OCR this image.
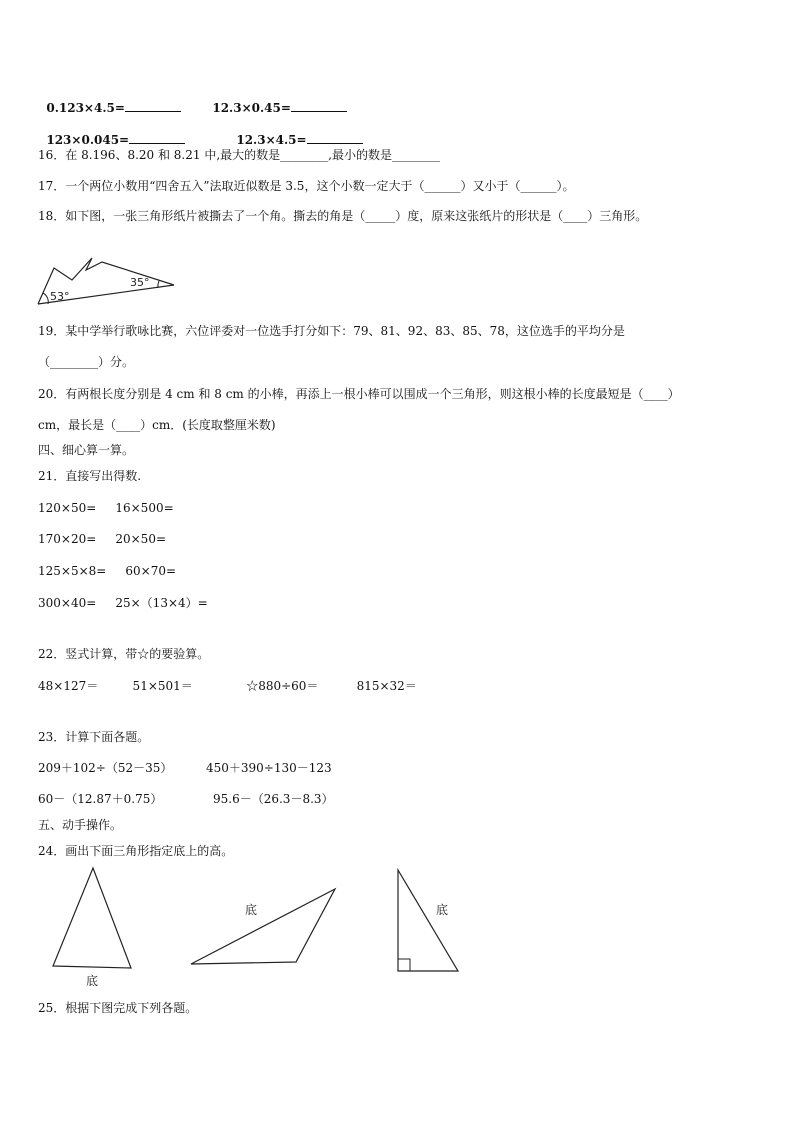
0.123×4.5=	12.3×0.45=

123×0.045=	12.3×4.5=

16．在 8.196、8.20 和 8.21 中,最大的数是________,最小的数是________
17．一个两位小数用“四舍五入”法取近似数是 3.5，这个小数一定大于（______）又小于（______）。
18．如下图，一张三角形纸片被撕去了一个角。撕去的角是（_____）度，原来这张纸片的形状是（____）三角形。
53°
35°
19．某中学举行歌咏比赛，六位评委对一位选手打分如下：79、81、92、83、85、78，这位选手的平均分是
（________）分。
20．有两根长度分别是 4 cm 和 8 cm 的小棒，再添上一根小棒可以围成一个三角形，则这根小棒的长度最短是（____）
cm，最长是（____）cm．(长度取整厘米数)
四、细心算一算。
21．直接写出得数.
120×50=     16×500=
170×20=     20×50=
125×5×8=     60×70=
300×40=     25×（13×4）=
22．竖式计算，带☆的要验算。
48×127＝         51×501＝              ☆880÷60＝          815×32＝
23．计算下面各题。
209＋102÷（52－35）	450＋390÷130－123
60－（12.87＋0.75）	95.6－（26.3－8.3）
五、动手操作。
24．画出下面三角形指定底上的高。
底
底	底
25．根据下图完成下列各题。
